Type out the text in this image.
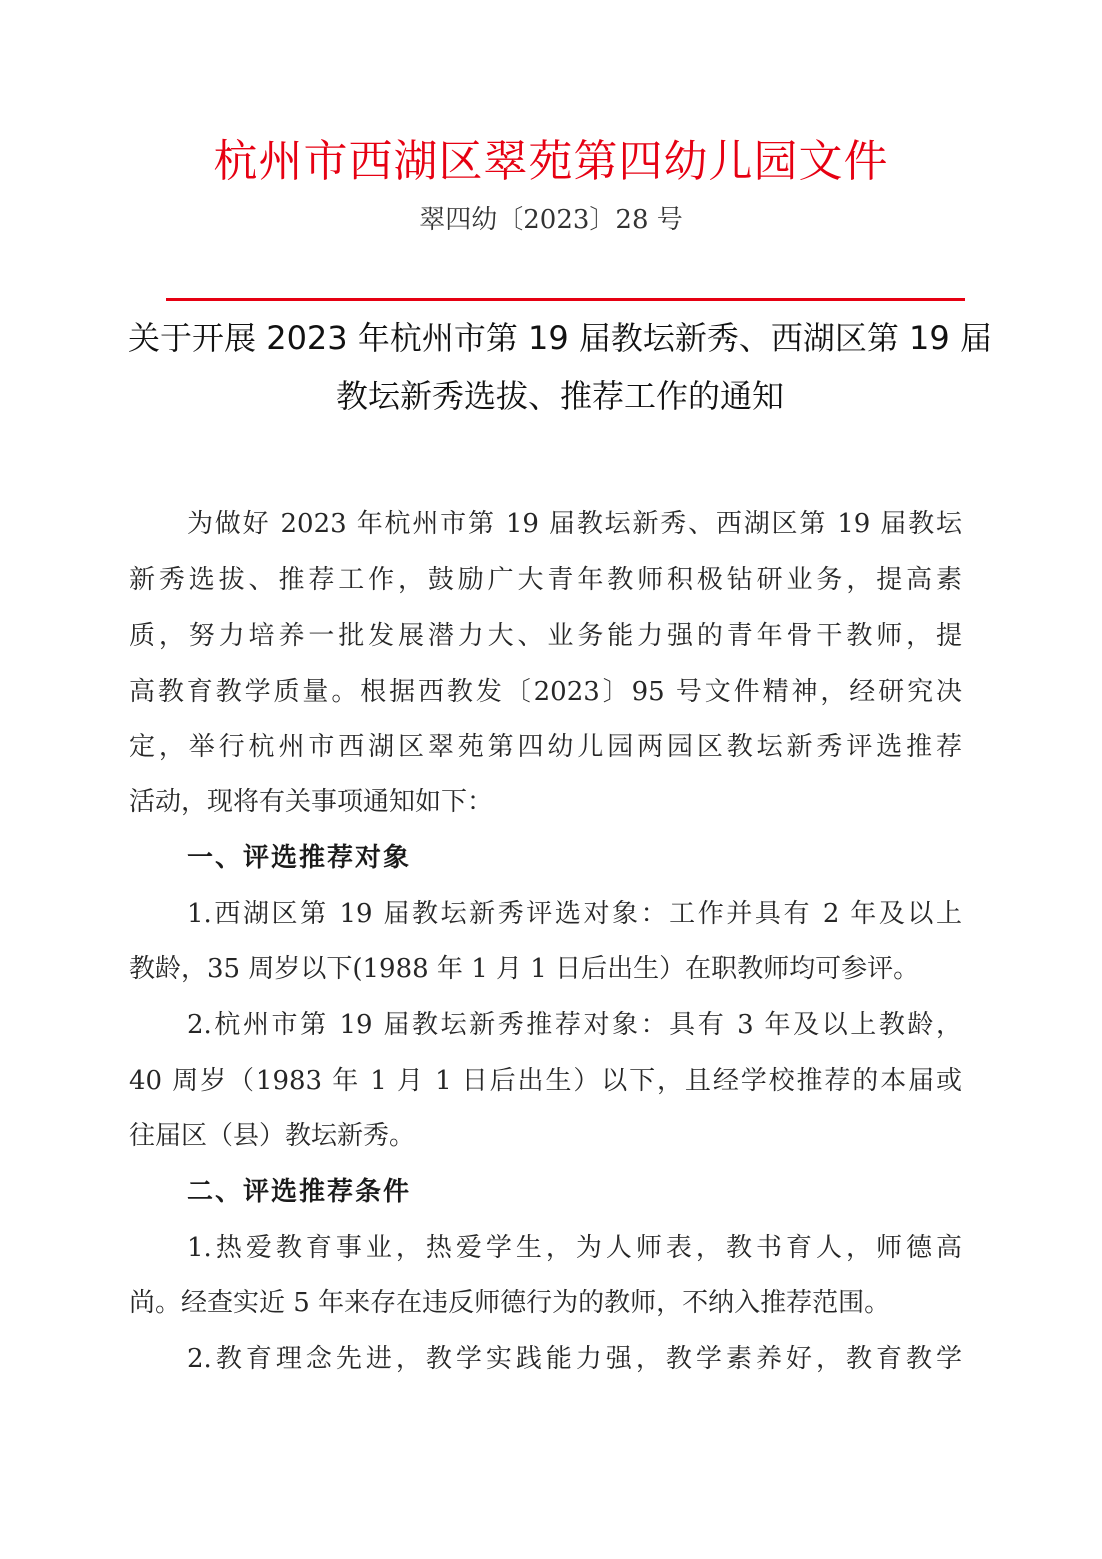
杭州市西湖区翠苑第四幼儿园文件
翠四幼〔2023〕28 号
关于开展 2023 年杭州市第 19 届教坛新秀、西湖区第 19 届
教坛新秀选拔、推荐工作的通知
为做好 2023 年杭州市第 19 届教坛新秀、西湖区第 19 届教坛
新秀选拔、推荐工作，鼓励广大青年教师积极钻研业务，提高素
质，努力培养一批发展潜力大、业务能力强的青年骨干教师，提
高教育教学质量。根据西教发〔2023〕95 号文件精神，经研究决
定，举行杭州市西湖区翠苑第四幼儿园两园区教坛新秀评选推荐
活动，现将有关事项通知如下：
一、评选推荐对象
1.西湖区第 19 届教坛新秀评选对象：工作并具有 2 年及以上
教龄，35 周岁以下(1988 年 1 月 1 日后出生）在职教师均可参评。
2.杭州市第 19 届教坛新秀推荐对象：具有 3 年及以上教龄，
40 周岁（1983 年 1 月 1 日后出生）以下，且经学校推荐的本届或
往届区（县）教坛新秀。
二、评选推荐条件
1.热爱教育事业，热爱学生，为人师表，教书育人，师德高
尚。经查实近 5 年来存在违反师德行为的教师，不纳入推荐范围。
2.教育理念先进，教学实践能力强，教学素养好，教育教学
